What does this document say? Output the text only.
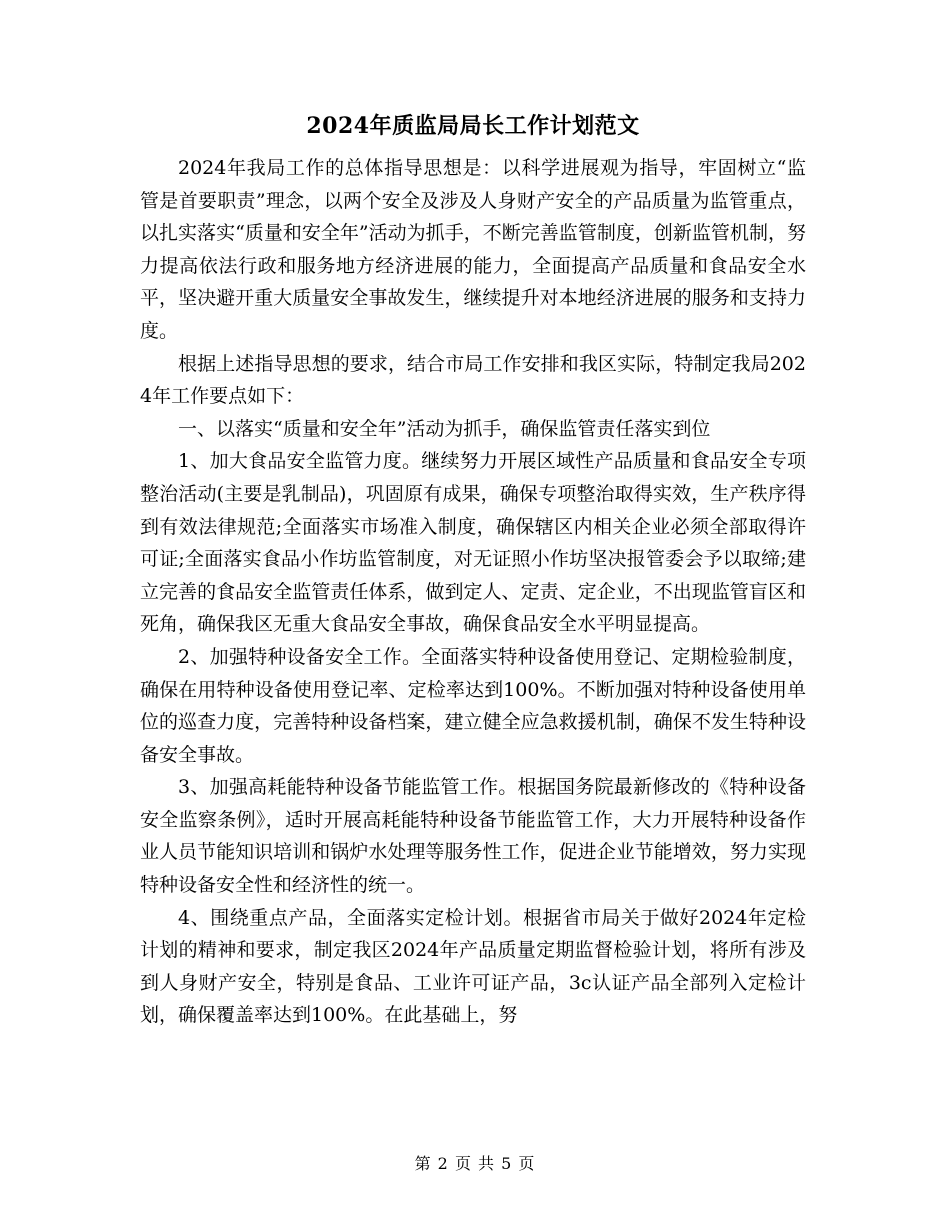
2024年质监局局长工作计划范文

2024年我局工作的总体指导思想是：以科学进展观为指导，牢固树立“监管是首要职责”理念，以两个安全及涉及人身财产安全的产品质量为监管重点，以扎实落实“质量和安全年”活动为抓手，不断完善监管制度，创新监管机制，努力提高依法行政和服务地方经济进展的能力，全面提高产品质量和食品安全水平，坚决避开重大质量安全事故发生，继续提升对本地经济进展的服务和支持力度。

根据上述指导思想的要求，结合市局工作安排和我区实际，特制定我局2024年工作要点如下：

一、以落实“质量和安全年”活动为抓手，确保监管责任落实到位

1、加大食品安全监管力度。继续努力开展区域性产品质量和食品安全专项整治活动(主要是乳制品)，巩固原有成果，确保专项整治取得实效，生产秩序得到有效法律规范;全面落实市场准入制度，确保辖区内相关企业必须全部取得许可证;全面落实食品小作坊监管制度，对无证照小作坊坚决报管委会予以取缔;建立完善的食品安全监管责任体系，做到定人、定责、定企业，不出现监管盲区和死角，确保我区无重大食品安全事故，确保食品安全水平明显提高。

2、加强特种设备安全工作。全面落实特种设备使用登记、定期检验制度，确保在用特种设备使用登记率、定检率达到100%。不断加强对特种设备使用单位的巡查力度，完善特种设备档案，建立健全应急救援机制，确保不发生特种设备安全事故。

3、加强高耗能特种设备节能监管工作。根据国务院最新修改的《特种设备安全监察条例》，适时开展高耗能特种设备节能监管工作，大力开展特种设备作业人员节能知识培训和锅炉水处理等服务性工作，促进企业节能增效，努力实现特种设备安全性和经济性的统一。

4、围绕重点产品，全面落实定检计划。根据省市局关于做好2024年定检计划的精神和要求，制定我区2024年产品质量定期监督检验计划，将所有涉及到人身财产安全，特别是食品、工业许可证产品，3c认证产品全部列入定检计划，确保覆盖率达到100%。在此基础上，努

第 2 页 共 5 页
